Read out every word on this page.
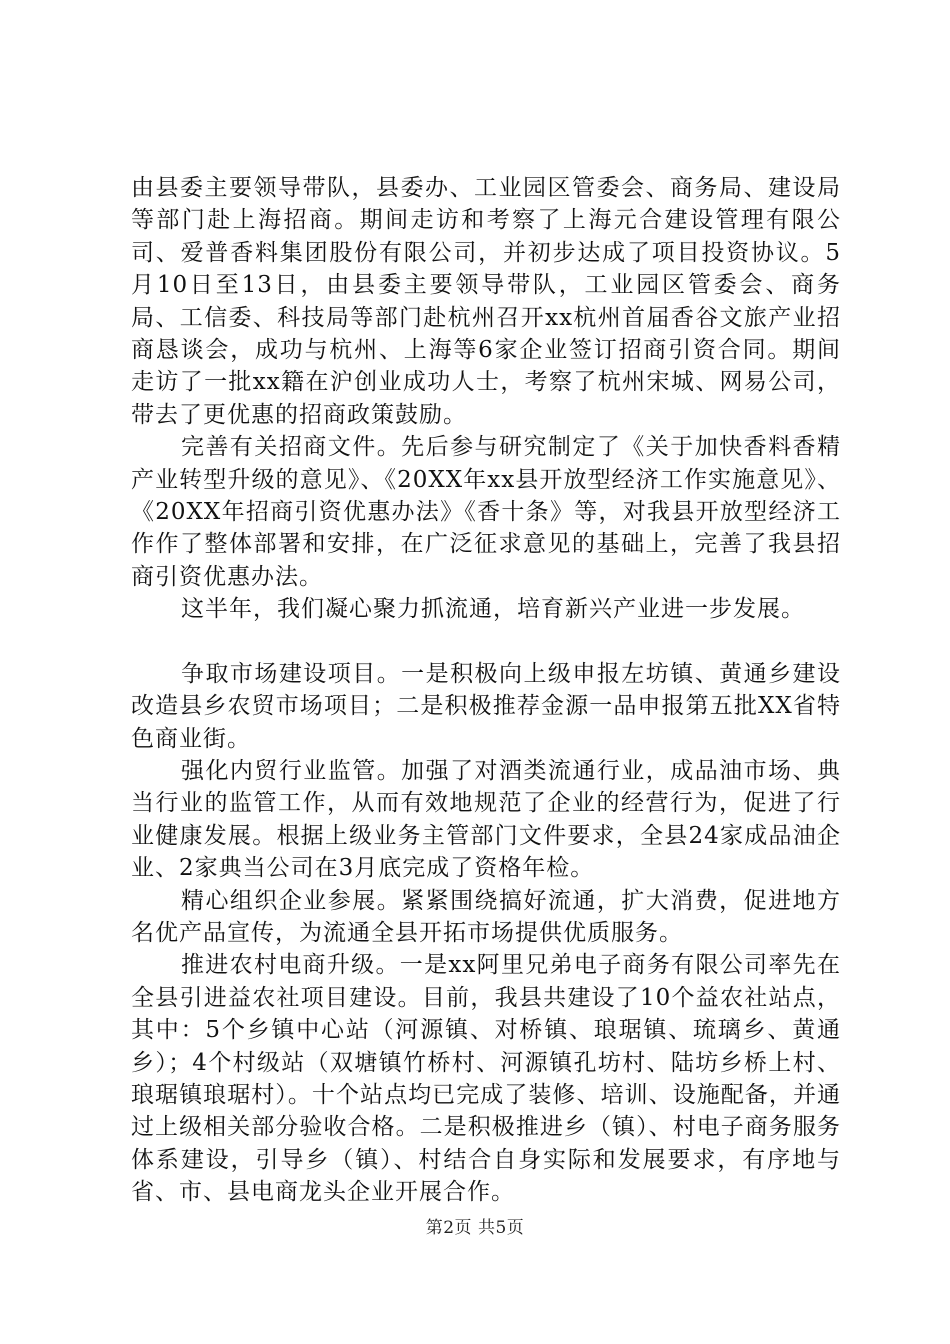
由县委主要领导带队，县委办、工业园区管委会、商务局、建设局等部门赴上海招商。期间走访和考察了上海元合建设管理有限公司、爱普香料集团股份有限公司，并初步达成了项目投资协议。5月10日至13日，由县委主要领导带队，工业园区管委会、商务局、工信委、科技局等部门赴杭州召开xx杭州首届香谷文旅产业招商恳谈会，成功与杭州、上海等6家企业签订招商引资合同。期间走访了一批xx籍在沪创业成功人士，考察了杭州宋城、网易公司，带去了更优惠的招商政策鼓励。

完善有关招商文件。先后参与研究制定了《关于加快香料香精产业转型升级的意见》、《20XX年xx县开放型经济工作实施意见》、《20XX年招商引资优惠办法》《香十条》等，对我县开放型经济工作作了整体部署和安排，在广泛征求意见的基础上，完善了我县招商引资优惠办法。

这半年，我们凝心聚力抓流通，培育新兴产业进一步发展。

争取市场建设项目。一是积极向上级申报左坊镇、黄通乡建设改造县乡农贸市场项目；二是积极推荐金源一品申报第五批XX省特色商业街。

强化内贸行业监管。加强了对酒类流通行业，成品油市场、典当行业的监管工作，从而有效地规范了企业的经营行为，促进了行业健康发展。根据上级业务主管部门文件要求，全县24家成品油企业、2家典当公司在3月底完成了资格年检。

精心组织企业参展。紧紧围绕搞好流通，扩大消费，促进地方名优产品宣传，为流通全县开拓市场提供优质服务。

推进农村电商升级。一是xx阿里兄弟电子商务有限公司率先在全县引进益农社项目建设。目前，我县共建设了10个益农社站点，其中：5个乡镇中心站（河源镇、对桥镇、琅琚镇、琉璃乡、黄通乡）；4个村级站（双塘镇竹桥村、河源镇孔坊村、陆坊乡桥上村、琅琚镇琅琚村）。十个站点均已完成了装修、培训、设施配备，并通过上级相关部分验收合格。二是积极推进乡（镇）、村电子商务服务体系建设，引导乡（镇）、村结合自身实际和发展要求，有序地与省、市、县电商龙头企业开展合作。

第2页 共5页
